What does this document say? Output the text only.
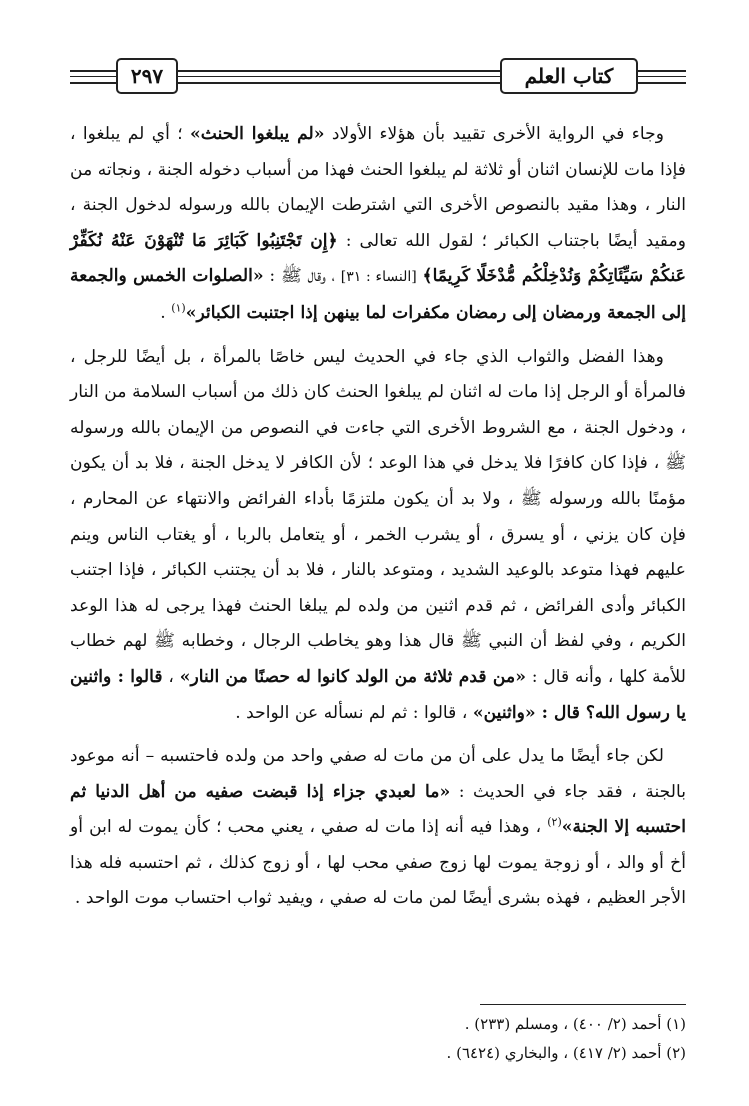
كتاب العلم
٢٩٧

وجاء في الرواية الأخرى تقييد بأن هؤلاء الأولاد «لم يبلغوا الحنث» ؛ أي لم يبلغوا ، فإذا مات للإنسان اثنان أو ثلاثة لم يبلغوا الحنث فهذا من أسباب دخوله الجنة ، ونجاته من النار ، وهذا مقيد بالنصوص الأخرى التي اشترطت الإيمان بالله ورسوله لدخول الجنة ، ومقيد أيضًا باجتناب الكبائر ؛ لقول الله تعالى : ﴿إِن تَجْتَنِبُوا كَبَائِرَ مَا تُنْهَوْنَ عَنْهُ نُكَفِّرْ عَنكُمْ سَيِّئَاتِكُمْ وَنُدْخِلْكُم مُّدْخَلًا كَرِيمًا﴾ [النساء : ٣١] ، وقال ﷺ : «الصلوات الخمس والجمعة إلى الجمعة ورمضان إلى رمضان مكفرات لما بينهن إذا اجتنبت الكبائر»$^{(١)}$ .

وهذا الفضل والثواب الذي جاء في الحديث ليس خاصًا بالمرأة ، بل أيضًا للرجل ، فالمرأة أو الرجل إذا مات له اثنان لم يبلغوا الحنث كان ذلك من أسباب السلامة من النار ، ودخول الجنة ، مع الشروط الأخرى التي جاءت في النصوص من الإيمان بالله ورسوله ﷺ ، فإذا كان كافرًا فلا يدخل في هذا الوعد ؛ لأن الكافر لا يدخل الجنة ، فلا بد أن يكون مؤمنًا بالله ورسوله ﷺ ، ولا بد أن يكون ملتزمًا بأداء الفرائض والانتهاء عن المحارم ، فإن كان يزني ، أو يسرق ، أو يشرب الخمر ، أو يتعامل بالربا ، أو يغتاب الناس وينم عليهم فهذا متوعد بالوعيد الشديد ، ومتوعد بالنار ، فلا بد أن يجتنب الكبائر ، فإذا اجتنب الكبائر وأدى الفرائض ، ثم قدم اثنين من ولده لم يبلغا الحنث فهذا يرجى له هذا الوعد الكريم ، وفي لفظ أن النبي ﷺ قال هذا وهو يخاطب الرجال ، وخطابه ﷺ لهم خطاب للأمة كلها ، وأنه قال : «من قدم ثلاثة من الولد كانوا له حصنًا من النار» ، قالوا : واثنين يا رسول الله؟ قال : «واثنين» ، قالوا : ثم لم نسأله عن الواحد .

لكن جاء أيضًا ما يدل على أن من مات له صفي واحد من ولده فاحتسبه – أنه موعود بالجنة ، فقد جاء في الحديث : «ما لعبدي جزاء إذا قبضت صفيه من أهل الدنيا ثم احتسبه إلا الجنة»$^{(٢)}$ ، وهذا فيه أنه إذا مات له صفي ، يعني محب ؛ كأن يموت له ابن أو أخ أو والد ، أو زوجة يموت لها زوج صفي محب لها ، أو زوج كذلك ، ثم احتسبه فله هذا الأجر العظيم ، فهذه بشرى أيضًا لمن مات له صفي ، ويفيد ثواب احتساب موت الواحد .

(١) أحمد (٢/ ٤٠٠) ، ومسلم (٢٣٣) .

(٢) أحمد (٢/ ٤١٧) ، والبخاري (٦٤٢٤) .
